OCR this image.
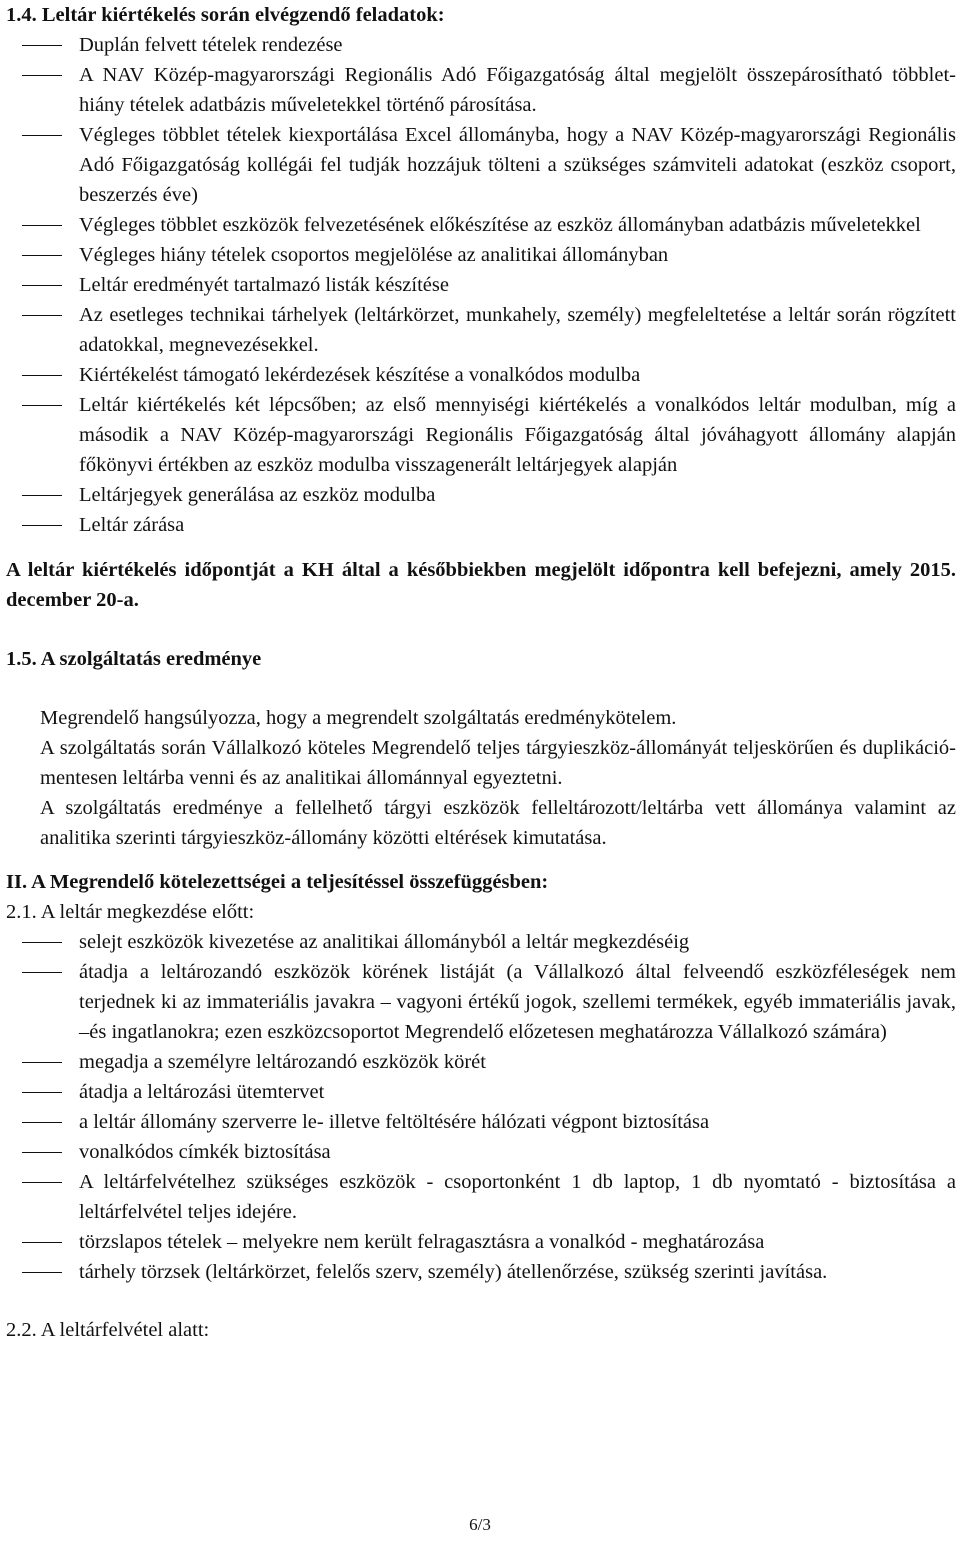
1.4. Leltár kiértékelés során elvégzendő feladatok:

Duplán felvett tételek rendezése
A NAV Közép-magyarországi Regionális Adó Főigazgatóság által megjelölt összepárosítható többlet-hiány tételek adatbázis műveletekkel történő párosítása.
Végleges többlet tételek kiexportálása Excel állományba, hogy a NAV Közép-magyarországi Regionális Adó Főigazgatóság kollégái fel tudják hozzájuk tölteni a szükséges számviteli adatokat (eszköz csoport, beszerzés éve)
Végleges többlet eszközök felvezetésének előkészítése az eszköz állományban adatbázis műveletekkel
Végleges hiány tételek csoportos megjelölése az analitikai állományban
Leltár eredményét tartalmazó listák készítése
Az esetleges technikai tárhelyek (leltárkörzet, munkahely, személy) megfeleltetése a leltár során rögzített adatokkal, megnevezésekkel.
Kiértékelést támogató lekérdezések készítése a vonalkódos modulba
Leltár kiértékelés két lépcsőben; az első mennyiségi kiértékelés a vonalkódos leltár modulban, míg a második a NAV Közép-magyarországi Regionális Főigazgatóság által jóváhagyott állomány alapján főkönyvi értékben az eszköz modulba visszagenerált leltárjegyek alapján
Leltárjegyek generálása az eszköz modulba
Leltár zárása

A leltár kiértékelés időpontját a KH által a későbbiekben megjelölt időpontra kell befejezni, amely 2015. december 20-a.

1.5. A szolgáltatás eredménye

Megrendelő hangsúlyozza, hogy a megrendelt szolgáltatás eredménykötelem.

A szolgáltatás során Vállalkozó köteles Megrendelő teljes tárgyieszköz-állományát teljeskörűen és duplikáció-mentesen leltárba venni és az analitikai állománnyal egyeztetni.

A szolgáltatás eredménye a fellelhető tárgyi eszközök felleltározott/leltárba vett állománya valamint az analitika szerinti tárgyieszköz-állomány közötti eltérések kimutatása.

II. A Megrendelő kötelezettségei a teljesítéssel összefüggésben:

2.1. A leltár megkezdése előtt:

selejt eszközök kivezetése az analitikai állományból a leltár megkezdéséig
átadja a leltározandó eszközök körének listáját (a Vállalkozó által felveendő eszközféleségek nem terjednek ki az immateriális javakra – vagyoni értékű jogok, szellemi termékek, egyéb immateriális javak, –és ingatlanokra; ezen eszközcsoportot Megrendelő előzetesen meghatározza Vállalkozó számára)
megadja a személyre leltározandó eszközök körét
átadja a leltározási ütemtervet
a leltár állomány szerverre le- illetve feltöltésére hálózati végpont biztosítása
vonalkódos címkék biztosítása
A leltárfelvételhez szükséges eszközök - csoportonként 1 db laptop, 1 db nyomtató - biztosítása a leltárfelvétel teljes idejére.
törzslapos tételek – melyekre nem került felragasztásra a vonalkód - meghatározása
tárhely törzsek (leltárkörzet, felelős szerv, személy) átellenőrzése, szükség szerinti javítása.

2.2. A leltárfelvétel alatt:

6/3
